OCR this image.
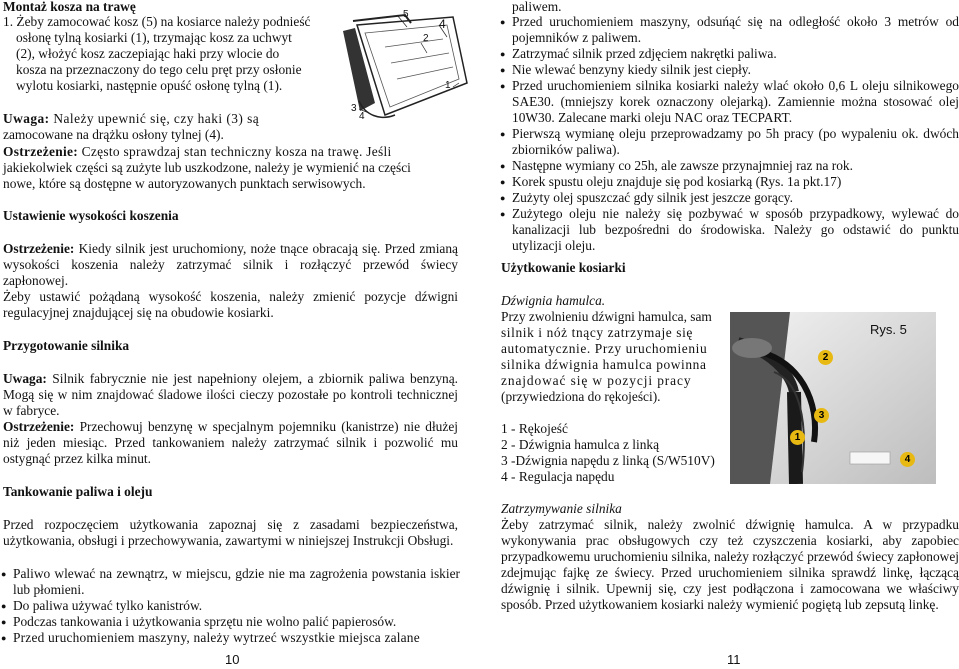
Montaż kosza na trawę
1. Żeby zamocować kosz (5) na kosiarce należy podnieść
osłonę tylną kosiarki (1), trzymając kosz za uchwyt
(2), włożyć kosz zaczepiając haki przy wlocie do
kosza na przeznaczony do tego celu pręt przy osłonie
wylotu kosiarki, następnie opuść osłonę tylną (1).
5
4
2
1
3
4
Uwaga: Należy upewnić się, czy haki (3) są
zamocowane na drążku osłony tylnej (4).
Ostrzeżenie: Często sprawdzaj stan techniczny kosza na trawę. Jeśli
jakiekolwiek części są zużyte lub uszkodzone, należy je wymienić na części
nowe, które są dostępne w autoryzowanych punktach serwisowych.
Ustawienie wysokości koszenia
Ostrzeżenie: Kiedy silnik jest uruchomiony, noże tnące obracają się. Przed zmianą wysokości koszenia należy zatrzymać silnik i rozłączyć przewód świecy zapłonowej.
Żeby ustawić pożądaną wysokość koszenia, należy zmienić pozycje dźwigni regulacyjnej znajdującej się na obudowie kosiarki.
Przygotowanie silnika
Uwaga: Silnik fabrycznie nie jest napełniony olejem, a zbiornik paliwa benzyną. Mogą się w nim znajdować śladowe ilości cieczy pozostałe po kontroli technicznej w fabryce.
Ostrzeżenie: Przechowuj benzynę w specjalnym pojemniku (kanistrze) nie dłużej niż jeden miesiąc. Przed tankowaniem należy zatrzymać silnik i pozwolić mu ostygnąć przez kilka minut.
Tankowanie paliwa i oleju
Przed rozpoczęciem użytkowania zapoznaj się z zasadami bezpieczeństwa, użytkowania, obsługi i przechowywania, zawartymi w niniejszej Instrukcji Obsługi.
● Paliwo wlewać na zewnątrz, w miejscu, gdzie nie ma zagrożenia powstania iskier lub płomieni.
● Do paliwa używać tylko kanistrów.
● Podczas tankowania i użytkowania sprzętu nie wolno palić papierosów.
● Przed uruchomieniem maszyny, należy wytrzeć wszystkie miejsca zalane
10
paliwem.
● Przed uruchomieniem maszyny, odsuńąć się na odległość około 3 metrów od pojemników z paliwem.
● Zatrzymać silnik przed zdjęciem nakrętki paliwa.
● Nie wlewać benzyny kiedy silnik jest ciepły.
● Przed uruchomieniem silnika kosiarki należy wlać około 0,6 L oleju silnikowego SAE30. (mniejszy korek oznaczony olejarką). Zamiennie można stosować olej 10W30. Zalecane marki oleju NAC oraz TECPART.
● Pierwszą wymianę oleju przeprowadzamy po 5h pracy (po wypaleniu ok. dwóch zbiorników paliwa).
● Następne wymiany co 25h, ale zawsze przynajmniej raz na rok.
● Korek spustu oleju znajduje się pod kosiarką (Rys. 1a pkt.17)
● Zużyty olej spuszczać gdy silnik jest jeszcze gorący.
● Zużytego oleju nie należy się pozbywać w sposób przypadkowy, wylewać do kanalizacji lub bezpośredni do środowiska. Należy go odstawić do punktu utylizacji oleju.
Użytkowanie kosiarki
Dźwignia hamulca.
Przy zwolnieniu dźwigni hamulca, sam
silnik i nóż tnący zatrzymaje się
automatycznie. Przy uruchomieniu
silnika dźwignia hamulca powinna
znajdować się w pozycji pracy
(przywiedziona do rękojeści).
1 - Rękojeść
2 - Dźwignia hamulca z linką
3 -Dźwignia napędu z linką (S/W510V)
4 - Regulacja napędu
Rys. 5
2
3
1
4
Zatrzymywanie silnika
Żeby zatrzymać silnik, należy zwolnić dźwignię hamulca. A w przypadku wykonywania prac obsługowych czy też czyszczenia kosiarki, aby zapobiec przypadkowemu uruchomieniu silnika, należy rozłączyć przewód świecy zapłonowej zdejmując fajkę ze świecy. Przed uruchomieniem silnika sprawdź linkę, łączącą dźwignię i silnik. Upewnij się, czy jest podłączona i zamocowana we właściwy sposób. Przed użytkowaniem kosiarki należy wymienić pogiętą lub zepsutą linkę.
11
